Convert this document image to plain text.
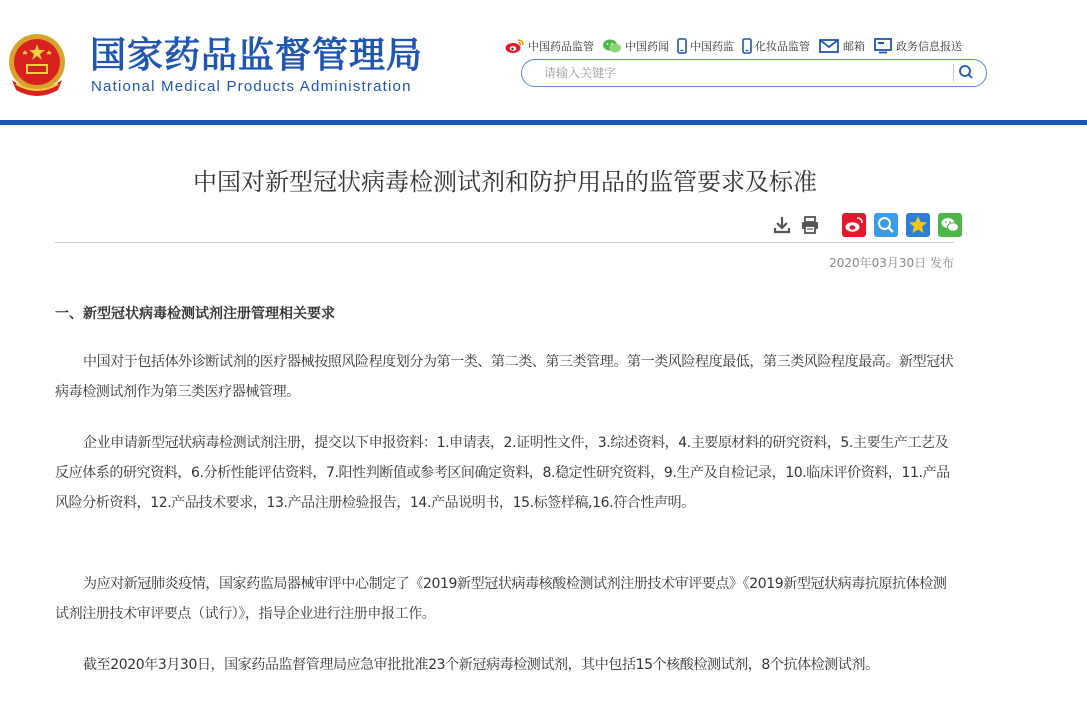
国家药品监督管理局
National Medical Products Administration
中国药品监管	中国药闻 中国药监 化妆品监管	邮箱	政务信息报送
请输入关键字
中国对新型冠状病毒检测试剂和防护用品的监管要求及标准
2020年03月30日 发布
一、新型冠状病毒检测试剂注册管理相关要求
中国对于包括体外诊断试剂的医疗器械按照风险程度划分为第一类、第二类、第三类管理。第一类风险程度最低，第三类风险程度最高。新型冠状病毒检测试剂作为第三类医疗器械管理。
企业申请新型冠状病毒检测试剂注册，提交以下申报资料：1.申请表，2.证明性文件，3.综述资料，4.主要原材料的研究资料，5.主要生产工艺及反应体系的研究资料，6.分析性能评估资料，7.阳性判断值或参考区间确定资料，8.稳定性研究资料，9.生产及自检记录，10.临床评价资料，11.产品风险分析资料，12.产品技术要求，13.产品注册检验报告，14.产品说明书，15.标签样稿,16.符合性声明。
为应对新冠肺炎疫情，国家药监局器械审评中心制定了《2019新型冠状病毒核酸检测试剂注册技术审评要点》《2019新型冠状病毒抗原抗体检测试剂注册技术审评要点（试行）》，指导企业进行注册申报工作。
截至2020年3月30日，国家药品监督管理局应急审批批准23个新冠病毒检测试剂，其中包括15个核酸检测试剂，8个抗体检测试剂。
